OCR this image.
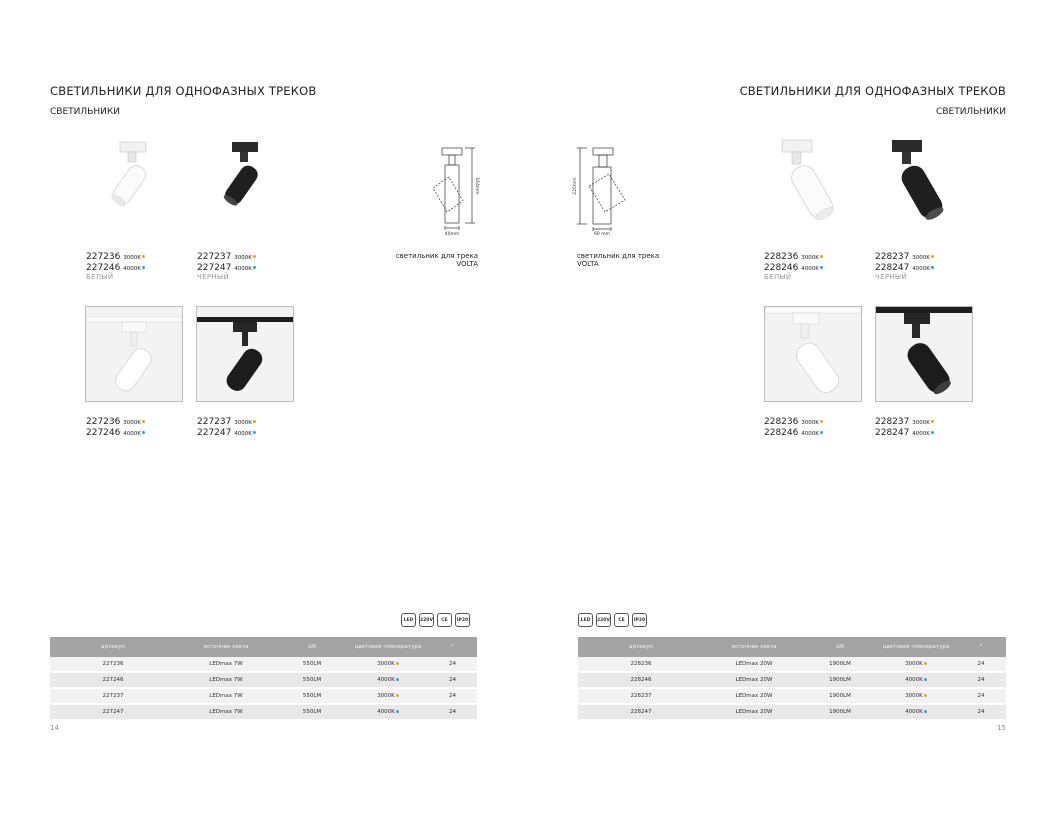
СВЕТИЛЬНИКИ ДЛЯ ОДНОФАЗНЫХ ТРЕКОВ
СВЕТИЛЬНИКИ
227236 3000K
227246 4000K
БЕЛЫЙ
227237 3000K
227247 4000K
ЧЕРНЫЙ
227236 3000K
227246 4000K
227237 3000K
227247 4000K
164mm
40mm
светильник для трека
VOLTA
LED	220V	CE	IP20
артикул	источник света	LM	цветовая температура	°
227236	LEDmax 7W	550LM	3000K	24
227246	LEDmax 7W	550LM	4000K	24
227237	LEDmax 7W	550LM	3000K	24
227247	LEDmax 7W	550LM	4000K	24
14
СВЕТИЛЬНИКИ ДЛЯ ОДНОФАЗНЫХ ТРЕКОВ
СВЕТИЛЬНИКИ
220mm
60 mm
светильник для трека
VOLTA
228236 3000K
228246 4000K
БЕЛЫЙ
228237 3000K
228247 4000K
ЧЕРНЫЙ
228236 3000K
228246 4000K
228237 3000K
228247 4000K
LED	220V	CE	IP20
артикул	источник света	LM	цветовая температура	°
228236	LEDmax 20W	1900LM	3000K	24
228246	LEDmax 20W	1900LM	4000K	24
228237	LEDmax 20W	1900LM	3000K	24
228247	LEDmax 20W	1900LM	4000K	24
15
